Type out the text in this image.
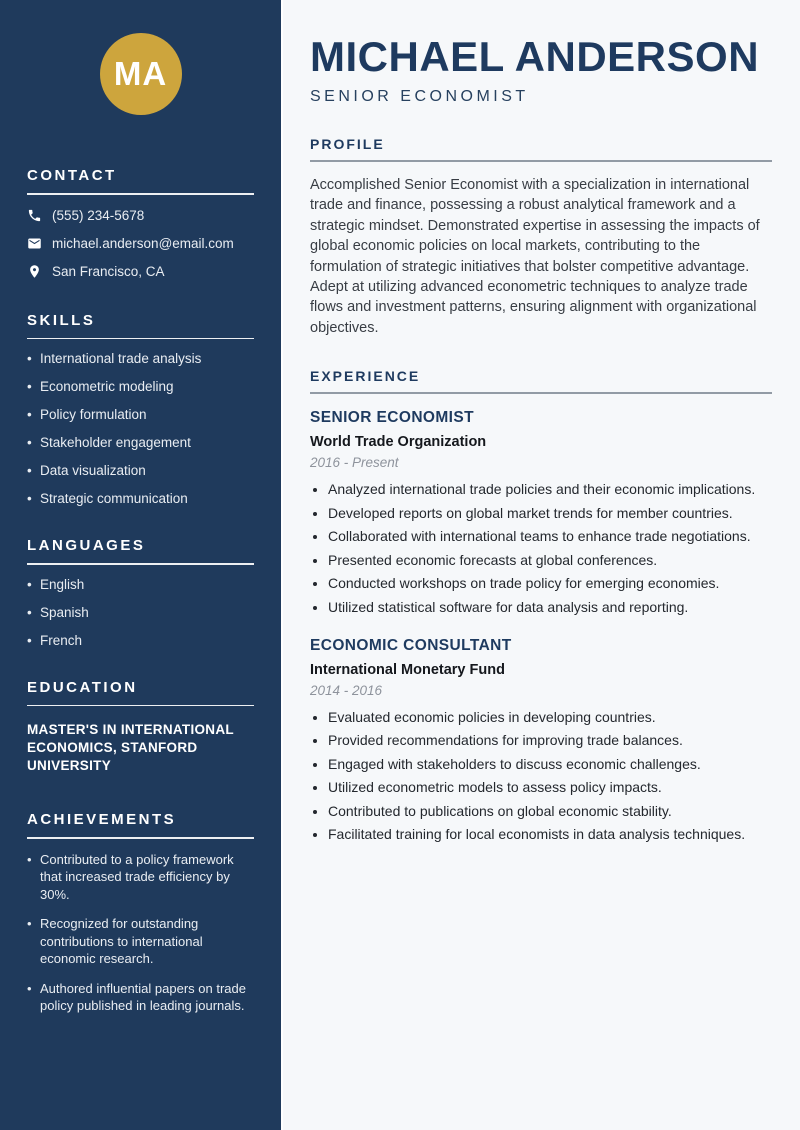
MA
CONTACT
(555) 234-5678
michael.anderson@email.com
San Francisco, CA
SKILLS
• International trade analysis
• Econometric modeling
• Policy formulation
• Stakeholder engagement
• Data visualization
• Strategic communication
LANGUAGES
• English
• Spanish
• French
EDUCATION
MASTER'S IN INTERNATIONAL ECONOMICS, STANFORD UNIVERSITY
ACHIEVEMENTS
• Contributed to a policy framework that increased trade efficiency by 30%.
• Recognized for outstanding contributions to international economic research.
• Authored influential papers on trade policy published in leading journals.
MICHAEL ANDERSON
SENIOR ECONOMIST
PROFILE

Accomplished Senior Economist with a specialization in international trade and finance, possessing a robust analytical framework and a strategic mindset. Demonstrated expertise in assessing the impacts of global economic policies on local markets, contributing to the formulation of strategic initiatives that bolster competitive advantage. Adept at utilizing advanced econometric techniques to analyze trade flows and investment patterns, ensuring alignment with organizational objectives.

EXPERIENCE
SENIOR ECONOMIST
World Trade Organization
2016 - Present
• Analyzed international trade policies and their economic implications.
• Developed reports on global market trends for member countries.
• Collaborated with international teams to enhance trade negotiations.
• Presented economic forecasts at global conferences.
• Conducted workshops on trade policy for emerging economies.
• Utilized statistical software for data analysis and reporting.
ECONOMIC CONSULTANT
International Monetary Fund
2014 - 2016
• Evaluated economic policies in developing countries.
• Provided recommendations for improving trade balances.
• Engaged with stakeholders to discuss economic challenges.
• Utilized econometric models to assess policy impacts.
• Contributed to publications on global economic stability.
• Facilitated training for local economists in data analysis techniques.
